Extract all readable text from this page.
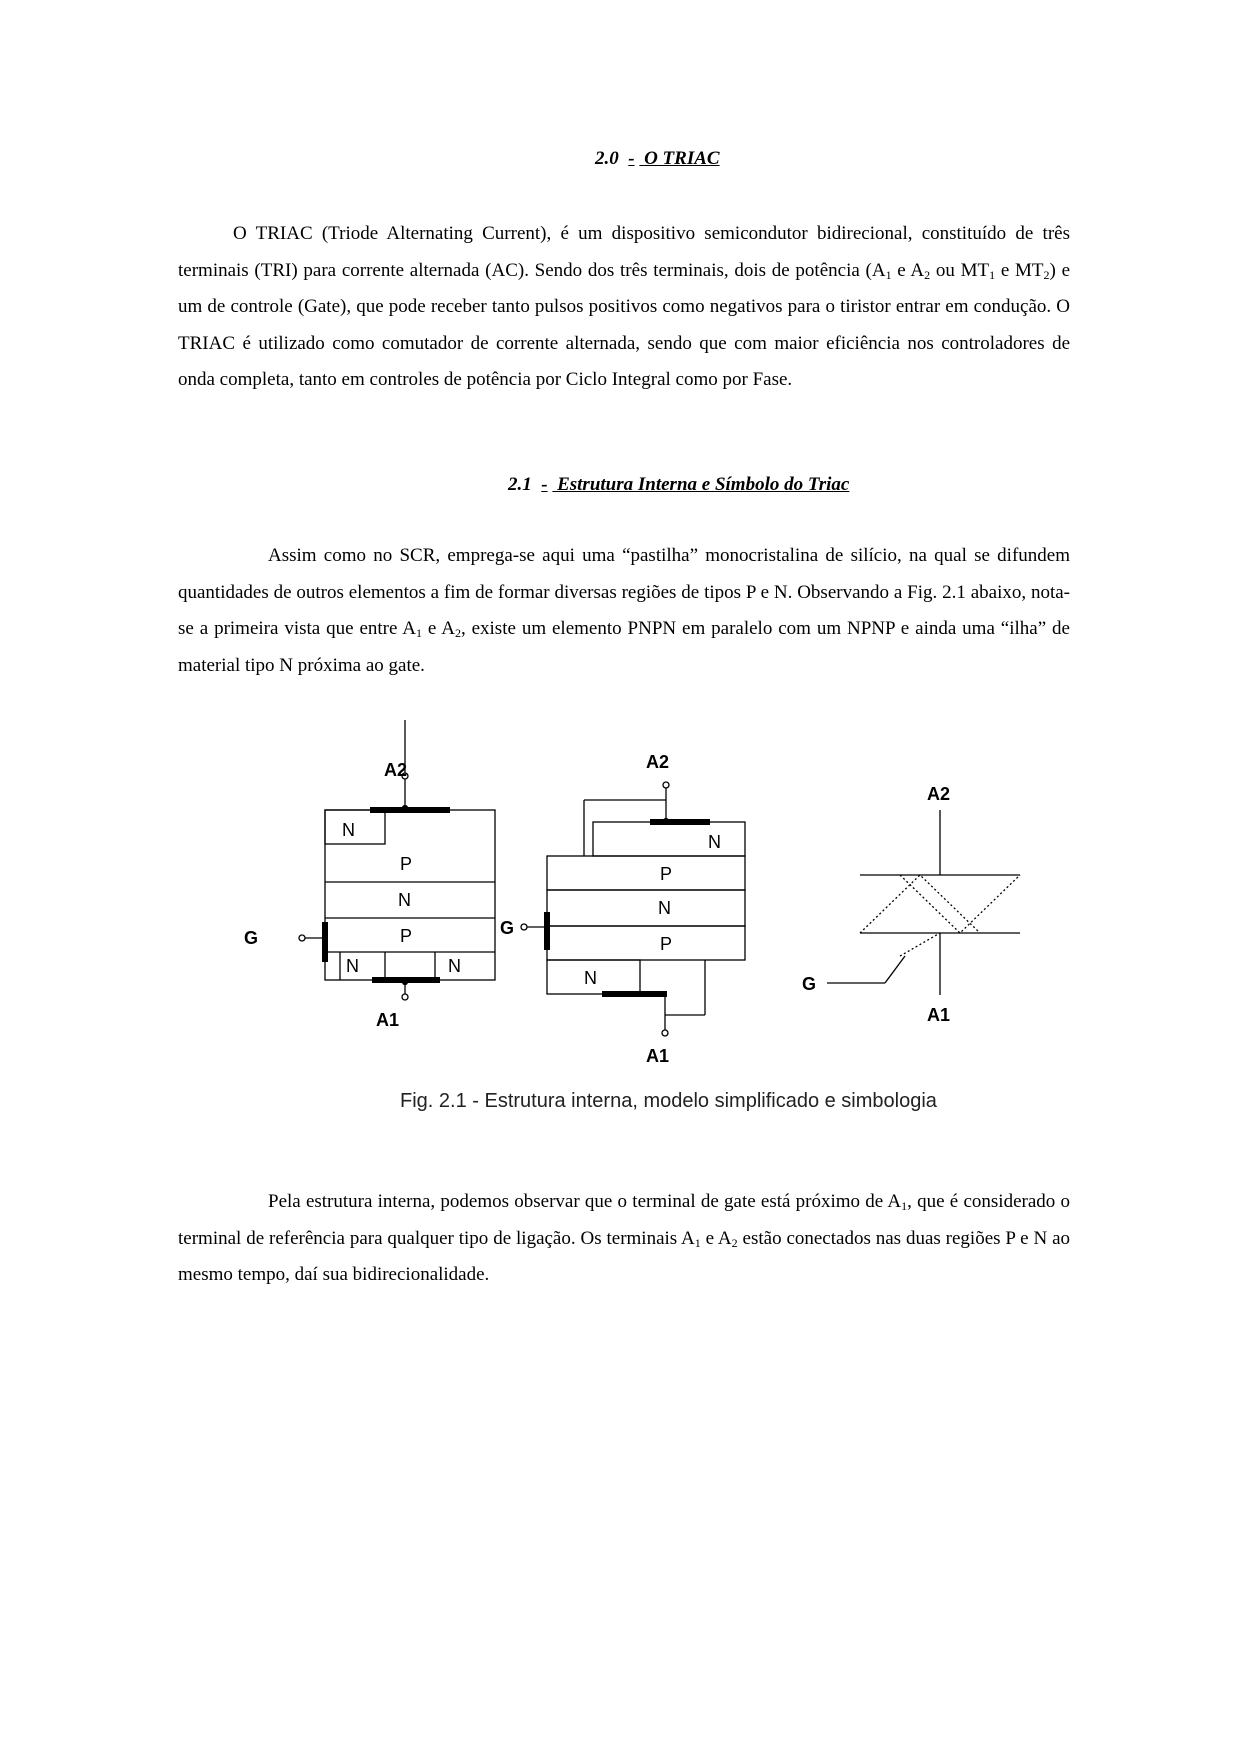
2.0 - O TRIAC

O TRIAC (Triode Alternating Current), é um dispositivo semicondutor bidirecional, constituído de três terminais (TRI) para corrente alternada (AC). Sendo dos três terminais, dois de potência ($A_1$ e $A_2$ ou $MT_1$ e $MT_2$) e um de controle (Gate), que pode receber tanto pulsos positivos como negativos para o tiristor entrar em condução. O TRIAC é utilizado como comutador de corrente alternada, sendo que com maior eficiência nos controladores de onda completa, tanto em controles de potência por Ciclo Integral como por Fase.

2.1 - Estrutura Interna e Símbolo do Triac

Assim como no SCR, emprega-se aqui uma “pastilha” monocristalina de silício, na qual se difundem quantidades de outros elementos a fim de formar diversas regiões de tipos P e N. Observando a Fig. 2.1 abaixo, nota-se a primeira vista que entre $A_1$ e $A_2$, existe um elemento PNPN em paralelo com um NPNP e ainda uma “ilha” de material tipo N próxima ao gate.

A2
A1
G
N
P
N
P
N	N
A2
A1
G
N
P
N
P
N
A2
A1
G
Fig. 2.1 - Estrutura interna, modelo simplificado e simbologia

Pela estrutura interna, podemos observar que o terminal de gate está próximo de $A_1$, que é considerado o terminal de referência para qualquer tipo de ligação. Os terminais $A_1$ e $A_2$ estão conectados nas duas regiões P e N ao mesmo tempo, daí sua bidirecionalidade.
